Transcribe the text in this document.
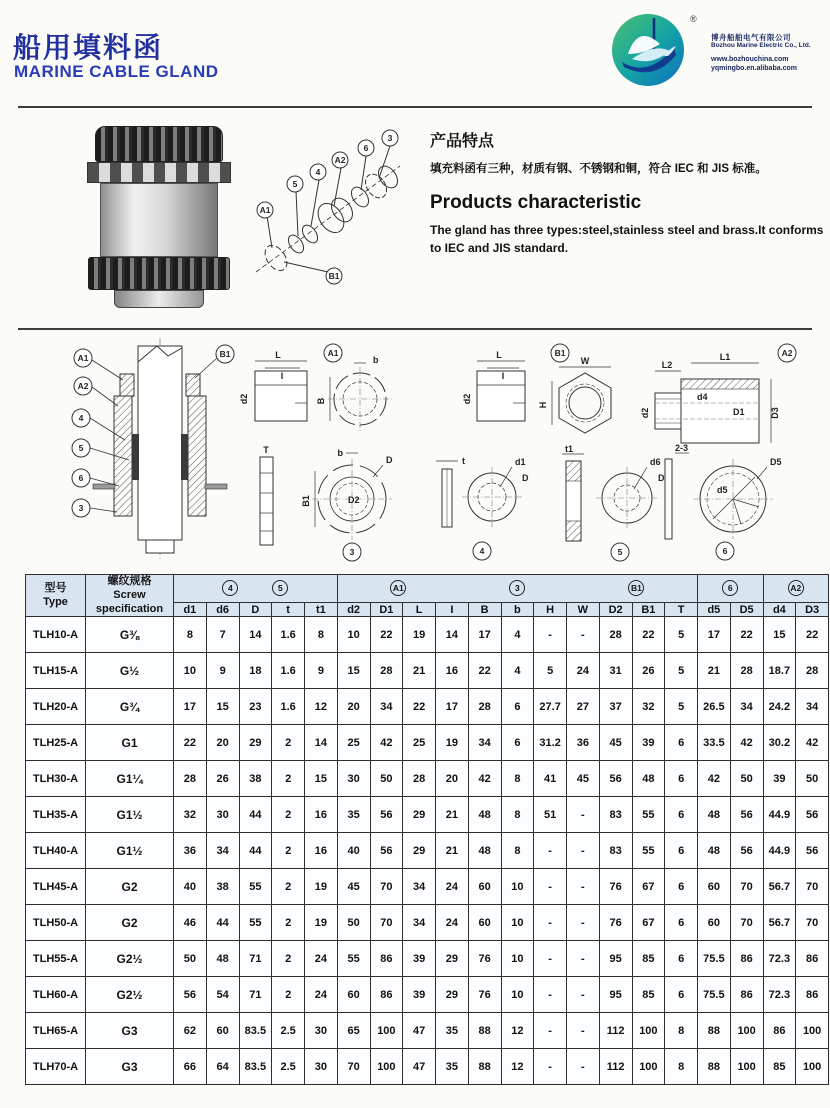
船用填料函
MARINE CABLE GLAND
®
博舟船舶电气有限公司
Bozhou Marine Electric Co., Ltd.
www.bozhouchina.com
yqmingbo.en.alibaba.com
3
6
A2
4
5
A1
B1

产品特点

填充料函有三种，材质有钢、不锈钢和铜，符合 IEC 和 JIS 标准。

Products characteristic

The gland has three types:steel,stainless steel and brass.It conforms to IEC and JIS standard.

A1
A2
4
5
6
3
B1	A1
L
I
d2
b
B
T	b
D
B1	D2
3
t	d1
D
4
B1
L
I
d2
W
H
t1
d6
D
5
A2
L2
L1
d2	D1
d4
D3
2-3
d5
D5
6
型号
Type	螺纹规格
Screw specification	4 5					A1 3 B1											6		A2	

		d1	d6	D	t	t1	d2	D1	L	I	B	b	H	W	D2	B1	T	d5	D5	d4	D3
TLH10-A	G⅜	8	7	14	1.6	8	10	22	19	14	17	4	-	-	28	22	5	17	22	15	22
TLH15-A	G½	10	9	18	1.6	9	15	28	21	16	22	4	5	24	31	26	5	21	28	18.7	28
TLH20-A	G¾	17	15	23	1.6	12	20	34	22	17	28	6	27.7	27	37	32	5	26.5	34	24.2	34
TLH25-A	G1	22	20	29	2	14	25	42	25	19	34	6	31.2	36	45	39	6	33.5	42	30.2	42
TLH30-A	G1¼	28	26	38	2	15	30	50	28	20	42	8	41	45	56	48	6	42	50	39	50
TLH35-A	G1½	32	30	44	2	16	35	56	29	21	48	8	51	-	83	55	6	48	56	44.9	56
TLH40-A	G1½	36	34	44	2	16	40	56	29	21	48	8	-	-	83	55	6	48	56	44.9	56
TLH45-A	G2	40	38	55	2	19	45	70	34	24	60	10	-	-	76	67	6	60	70	56.7	70
TLH50-A	G2	46	44	55	2	19	50	70	34	24	60	10	-	-	76	67	6	60	70	56.7	70
TLH55-A	G2½	50	48	71	2	24	55	86	39	29	76	10	-	-	95	85	6	75.5	86	72.3	86
TLH60-A	G2½	56	54	71	2	24	60	86	39	29	76	10	-	-	95	85	6	75.5	86	72.3	86
TLH65-A	G3	62	60	83.5	2.5	30	65	100	47	35	88	12	-	-	112	100	8	88	100	86	100
TLH70-A	G3	66	64	83.5	2.5	30	70	100	47	35	88	12	-	-	112	100	8	88	100	85	100
